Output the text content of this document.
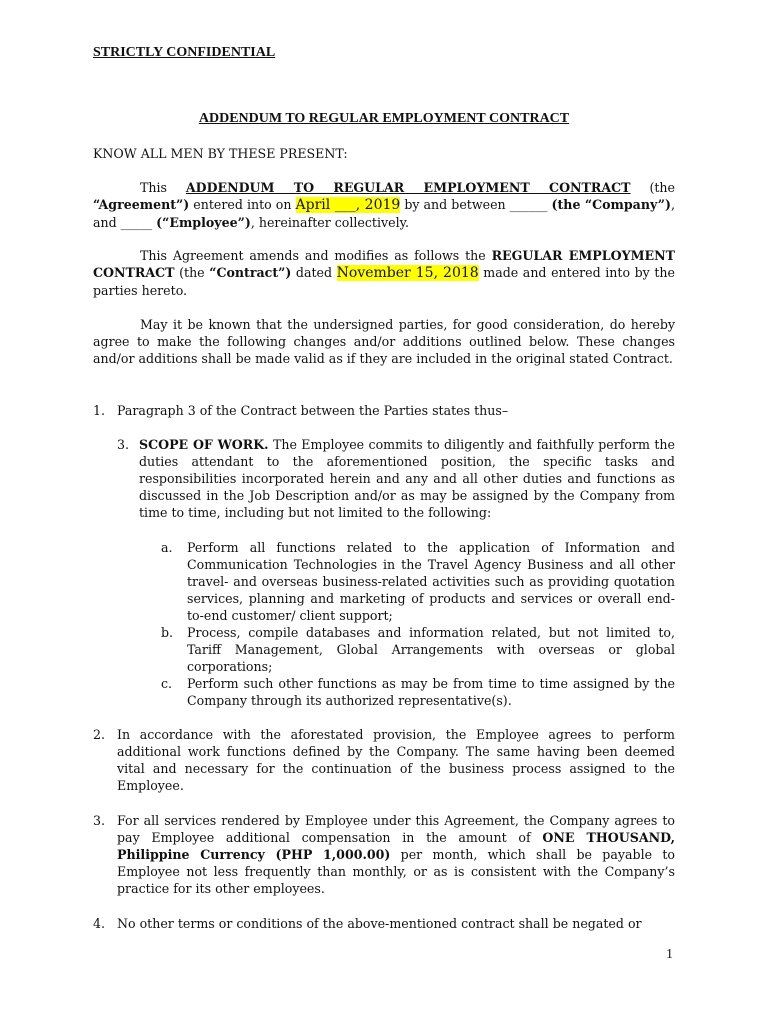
STRICTLY CONFIDENTIAL
ADDENDUM TO REGULAR EMPLOYMENT CONTRACT

KNOW ALL MEN BY THESE PRESENT:

This ADDENDUM TO REGULAR EMPLOYMENT CONTRACT (the “Agreement”) entered into on April ___, 2019 by and between ______ (the “Company”), and _____ (“Employee”), hereinafter collectively.

This Agreement amends and modifies as follows the REGULAR EMPLOYMENT CONTRACT (the “Contract”) dated November 15, 2018 made and entered into by the parties hereto.

May it be known that the undersigned parties, for good consideration, do hereby agree to make the following changes and/or additions outlined below. These changes and/or additions shall be made valid as if they are included in the original stated Contract.

1. Paragraph 3 of the Contract between the Parties states thus–
3. SCOPE OF WORK. The Employee commits to diligently and faithfully perform the duties attendant to the aforementioned position, the specific tasks and responsibilities incorporated herein and any and all other duties and functions as discussed in the Job Description and/or as may be assigned by the Company from time to time, including but not limited to the following:
a. Perform all functions related to the application of Information and Communication Technologies in the Travel Agency Business and all other travel- and overseas business-related activities such as providing quotation services, planning and marketing of products and services or overall end-to-end customer/ client support;
b. Process, compile databases and information related, but not limited to, Tariff Management, Global Arrangements with overseas or global corporations;
c. Perform such other functions as may be from time to time assigned by the Company through its authorized representative(s).
2. In accordance with the aforestated provision, the Employee agrees to perform additional work functions defined by the Company. The same having been deemed vital and necessary for the continuation of the business process assigned to the Employee.
3. For all services rendered by Employee under this Agreement, the Company agrees to pay Employee additional compensation in the amount of ONE THOUSAND, Philippine Currency (PHP 1,000.00) per month, which shall be payable to Employee not less frequently than monthly, or as is consistent with the Company’s practice for its other employees.
4. No other terms or conditions of the above-mentioned contract shall be negated or
1
